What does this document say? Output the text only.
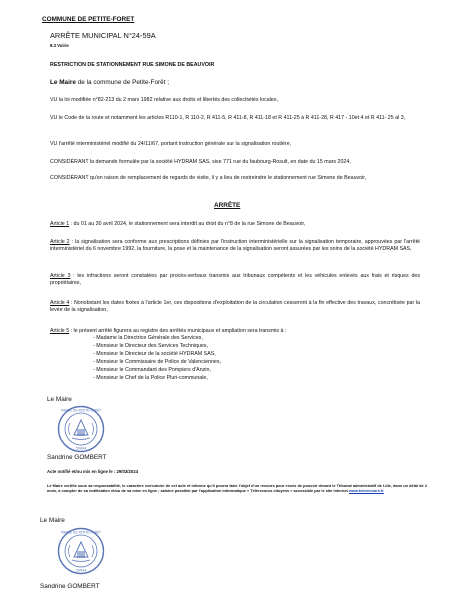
COMMUNE DE PETITE-FORET
ARRÊTE MUNICIPAL N°24-59A
8.3 Voirie
RESTRICTION DE STATIONNEMENT RUE SIMONE DE BEAUVOIR
Le Maire de la commune de Petite-Forêt ;
VU la loi modifiée n°82-213 du 2 mars 1982 relative aux droits et libertés des collectivités locales,
VU le Code de la route et notamment les articles R110-1, R 110-2, R 411-5, R 411-8, R 411-18 et R 411-25 à R 411-28, R 417 - 10et 4 et R 411- 25 al 3,
VU l'arrêté interministériel modifié du 24/11/67, portant instruction générale sur la signalisation routière,
CONSIDÉRANT la demande formulée par la société HYDRAM SAS, sise 771 rue du faubourg-Rosult, en date du 15 mars 2024,
CONSIDÉRANT qu'en raison de remplacement de regards de visite, il y a lieu de restreindre le stationnement rue Simone de Beauvoir,
ARRÊTE
Article 1 : du 01 au 30 avril 2024, le stationnement sera interdit au droit du n°8 de la rue Simone de Beauvoir,
Article 2 : la signalisation sera conforme aux prescriptions définies par l'instruction interministérielle sur la signalisation temporaire, approuvées par l'arrêté interministériel du 6 novembre 1992, la fourniture, la pose et la maintenance de la signalisation seront assurées par les soins de la société HYDRAM SAS,
Article 3 : les infractions seront constatées par procès-verbaux transmis aux tribunaux compétents et les véhicules enlevés aux frais et risques des propriétaires,
Article 4 : Nonobstant les dates fixées à l'article 1er, ces dispositions d'exploitation de la circulation cesseront à la fin effective des travaux, concrétisée par la levée de la signalisation,
Article 5 : le présent arrêté figurera au registre des arrêtés municipaux et ampliation sera transmis à :
- Madame la Directrice Générale des Services,
- Monsieur le Directeur des Services Techniques,
- Monsieur le Directeur de la société HYDRAM SAS,
- Monsieur le Commissaire de Police de Valenciennes,
- Monsieur le Commandant des Pompiers d'Anzin,
- Monsieur le Chef de la Police Pluri-communale,
Le Maire
MAIRIE DE PETITE-FORÊT
59494
Sandrine GOMBERT
Acte notifié et/ou mis en ligne le : 29/03/2024
Le Maire certifie sous sa responsabilité, le caractère exécutoire de cet acte et informe qu'il pourra faire l'objet d'un recours pour excès de pouvoir devant le Tribunal administratif de Lille, dans un délai de 2 mois, à compter de sa notification et/ou de sa mise en ligne ; saisine possible par l'application informatique « Télérecours citoyens » accessible par le site internet www.telerecours.fr
Le Maire
MAIRIE DE PETITE-FORÊT
59494
Sandrine GOMBERT
